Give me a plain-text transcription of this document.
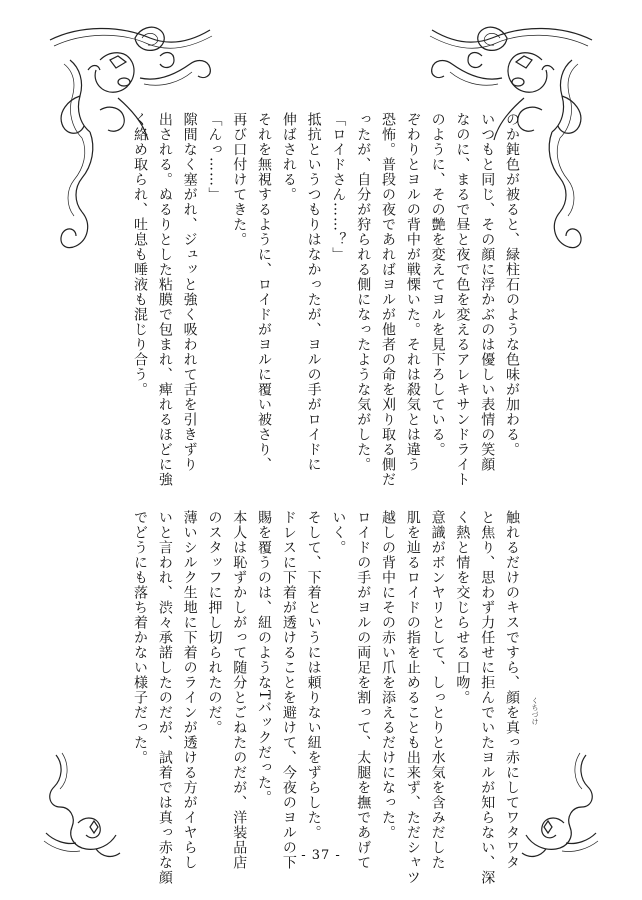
のか鈍色が被ると、緑柱石のような色味が加わる。
いつもと同じ、その顔に浮かぶのは優しい表情の笑顔
なのに、まるで昼と夜で色を変えるアレキサンドライト
のように、その艶を変えてヨルを見下ろしている。
ぞわりとヨルの背中が戦慄いた。それは殺気とは違う
恐怖。普段の夜であればヨルが他者の命を刈り取る側だ
ったが、自分が狩られる側になったような気がした。
「ロイドさん……？」
抵抗というつもりはなかったが、ヨルの手がロイドに
伸ばされる。
それを無視するように、ロイドがヨルに覆い被さり、
再び口付けてきた。
「んっ……」
隙間なく塞がれ、ジュッと強く吸われて舌を引きずり
出される。ぬるりとした粘膜で包まれ、痺れるほどに強
く絡め取られ、吐息も唾液も混じり合う。
触れるだけのキスですら、顔を真っ赤にしてワタワタ
と焦り、思わず力任せに拒んでいたヨルが知らない、深
く熱と情を交じらせる口吻。
意識がボンヤリとして、しっとりと水気を含みだした
肌を辿るロイドの指を止めることも出来ず、ただシャツ
越しの背中にその赤い爪を添えるだけになった。
ロイドの手がヨルの両足を割って、太腿を撫であげて
いく。
そして、下着というには頼りない紐をずらした。
ドレスに下着が透けることを避けて、今夜のヨルの下
賜を覆うのは、紐のようなTバックだった。
本人は恥ずかしがって随分とごねたのだが、洋装品店
のスタッフに押し切られたのだ。
薄いシルク生地に下着のラインが透ける方がイヤらし
いと言われ、渋々承諾したのだが、試着では真っ赤な顔
でどうにも落ち着かない様子だった。	くちづけ
- 37 -
